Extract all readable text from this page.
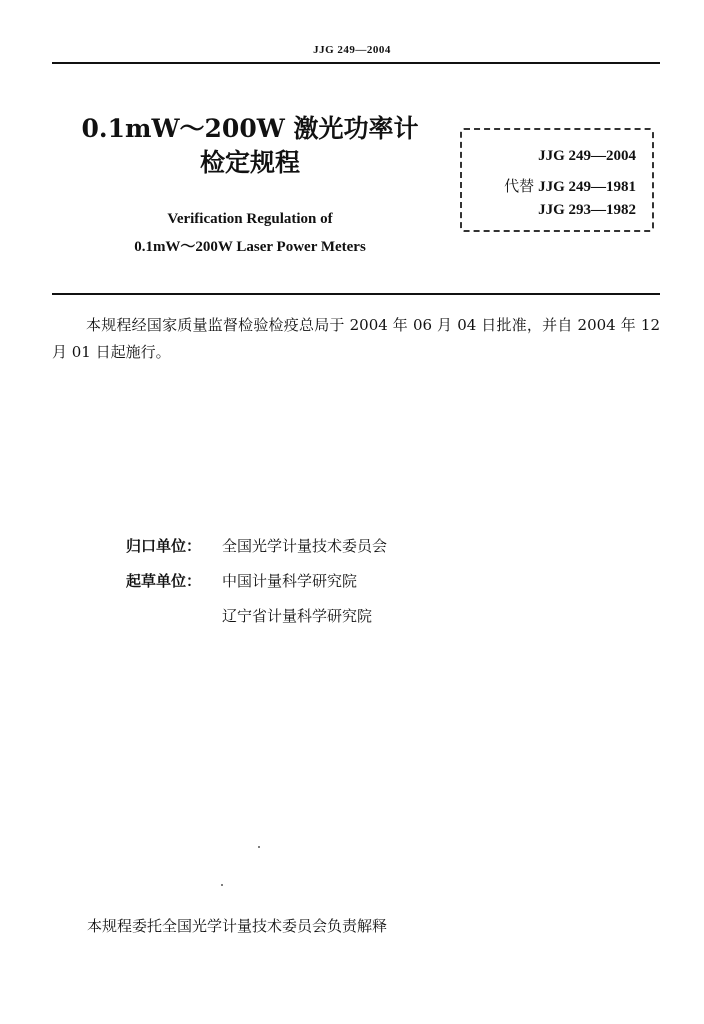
JJG 249—2004
0.1mW～200W 激光功率计
检定规程
Verification Regulation of
0.1mW～200W Laser Power Meters
JJG 249—2004
代替 JJG 249—1981
JJG 293—1982
本规程经国家质量监督检验检疫总局于 2004 年 06 月 04 日批准，并自 2004 年 12 月 01 日起施行。
归口单位： 全国光学计量技术委员会
起草单位： 中国计量科学研究院
辽宁省计量科学研究院
本规程委托全国光学计量技术委员会负责解释
